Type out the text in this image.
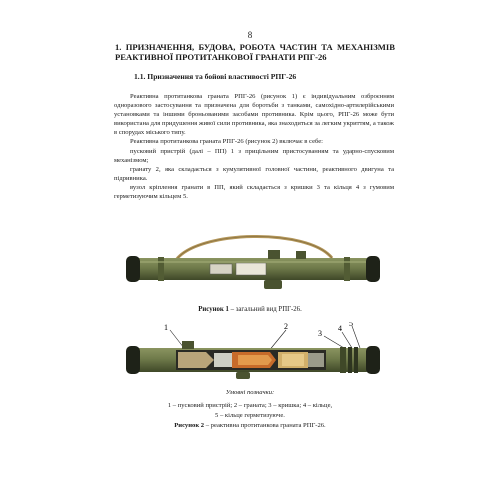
8
1. ПРИЗНАЧЕННЯ, БУДОВА, РОБОТА ЧАСТИН ТА МЕХАНІЗМІВ РЕАКТИВНОЇ ПРОТИТАНКОВОЇ ГРАНАТИ РПГ-26
1.1. Призначення та бойові властивості РПГ-26

Реактивна протитанкова граната РПГ-26 (рисунок 1) є індивідуальним озброєнням одноразового застосування та призначена для боротьби з танками, самохідно-артилерійськими установками та іншими броньованими засобами противника. Крім цього, РПГ-26 може бути використана для придушення живої сили противника, яка знаходиться за легким укриттям, а також в спорудах міського типу.

Реактивна протитанкова граната РПГ-26 (рисунок 2) включає в себе:

пусковий пристрій (далі – ПП) 1 з прицільним пристосуванням та ударно-спусковим механізмом;

гранату 2, яка складається з кумулятивної головної частини, реактивного двигуна та підривника.

вузол кріплення гранати в ПП, який складається з кришки 3 та кільця 4 з гумовим герметизуючим кільцем 5.

Рисунок 1 – загальний вид РПГ-26.
1	2
3
4
5
Умовні позначки:
1 – пусковий пристрій; 2 – граната; 3 – кришка; 4 – кільце,
5 – кільце герметизуюче.
Рисунок 2 – реактивна протитанкова граната РПГ-26.
